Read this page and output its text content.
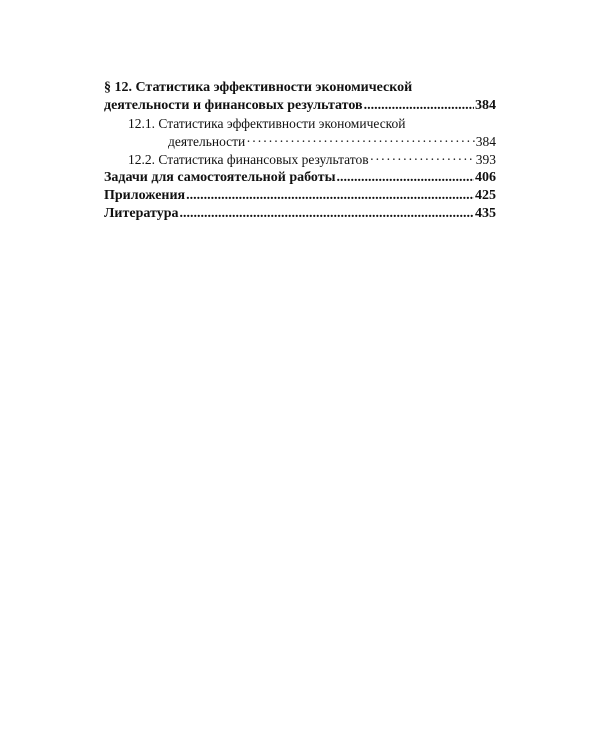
§ 12. Статистика эффективности экономической
деятельности и финансовых результатов .....	384
12.1. Статистика эффективности экономической
деятельности ·····	384
12.2. Статистика финансовых результатов ·····	393
Задачи для самостоятельной работы .....	406
Приложения .....	425
Литература .....	435
